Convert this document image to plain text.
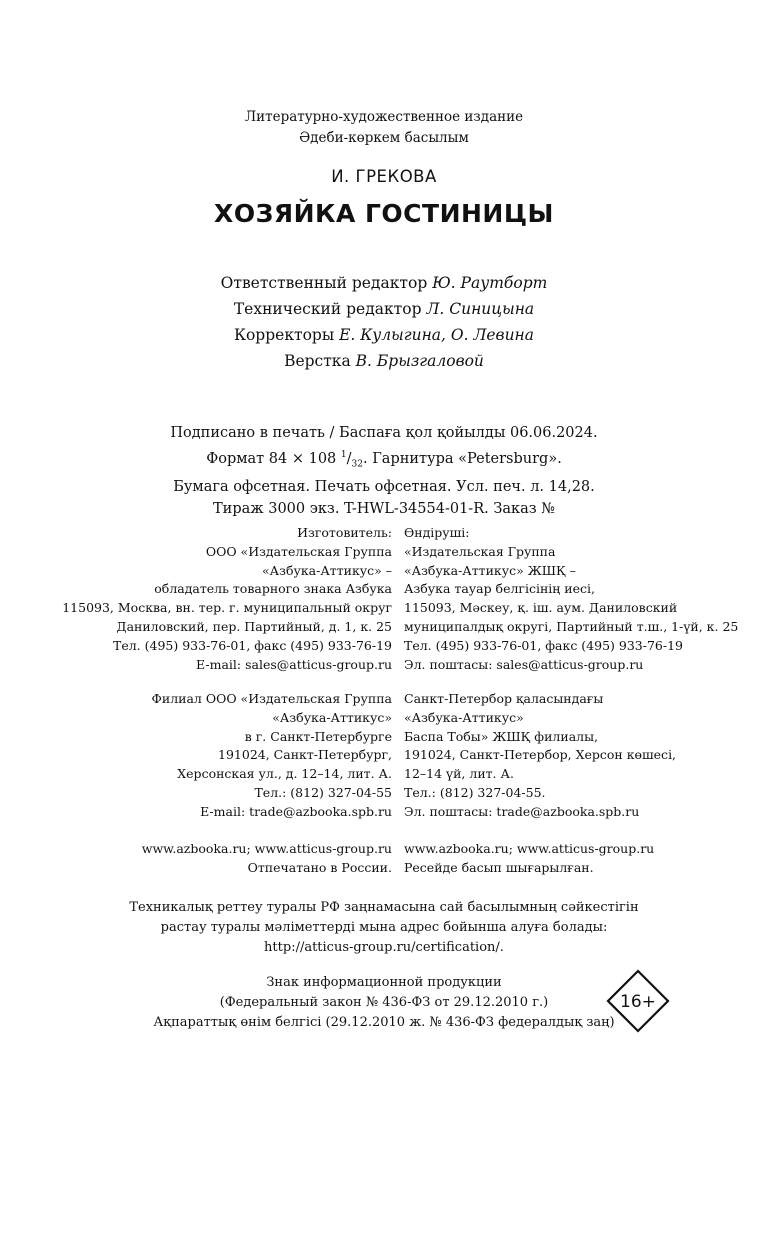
Литературно-художественное издание
Әдеби-көркем басылым
И. ГРЕКОВА
ХОЗЯЙКА ГОСТИНИЦЫ
Ответственный редактор Ю. Раутборт
Технический редактор Л. Синицына
Корректоры Е. Кулыгина, О. Левина
Верстка В. Брызгаловой
Подписано в печать / Баспаға қол қойылды 06.06.2024.
Формат 84 × 108 $^1/_{32}$. Гарнитура «Petersburg».
Бумага офсетная. Печать офсетная. Усл. печ. л. 14,28.
Тираж 3000 экз. T-HWL-34554-01-R. Заказ №
Изготовитель:
ООО «Издательская Группа
«Азбука-Аттикус» –
обладатель товарного знака Азбука
115093, Москва, вн. тер. г. муниципальный округ
Даниловский, пер. Партийный, д. 1, к. 25
Тел. (495) 933-76-01, факс (495) 933-76-19
E-mail: sales@atticus-group.ru
Өндіруші:
«Издательская Группа
«Азбука-Аттикус» ЖШҚ –
Азбука тауар белгісінің иесі,
115093, Мәскеу, қ. іш. аум. Даниловский
муниципалдық округі, Партийный т.ш., 1-үй, к. 25
Тел. (495) 933-76-01, факс (495) 933-76-19
Эл. поштасы: sales@atticus-group.ru
Филиал ООО «Издательская Группа
«Азбука-Аттикус»
в г. Санкт-Петербурге
191024, Санкт-Петербург,
Херсонская ул., д. 12–14, лит. А.
Тел.: (812) 327-04-55
E-mail: trade@azbooka.spb.ru
Санкт-Петербор қаласындағы
«Азбука-Аттикус»
Баспа Тобы» ЖШҚ филиалы,
191024, Санкт-Петербор, Херсон көшесі,
12–14 үй, лит. А.
Тел.: (812) 327-04-55.
Эл. поштасы: trade@azbooka.spb.ru
www.azbooka.ru; www.atticus-group.ru
Отпечатано в России.
www.azbooka.ru; www.atticus-group.ru
Ресейде басып шығарылған.
Техникалық реттеу туралы РФ заңнамасына сай басылымның сәйкестігін
растау туралы мәліметтерді мына адрес бойынша алуға болады:
http://atticus-group.ru/certification/.
Знак информационной продукции
(Федеральный закон № 436-ФЗ от 29.12.2010 г.)
Ақпараттық өнім белгісі (29.12.2010 ж. № 436-ФЗ федералдық заң)
16+
